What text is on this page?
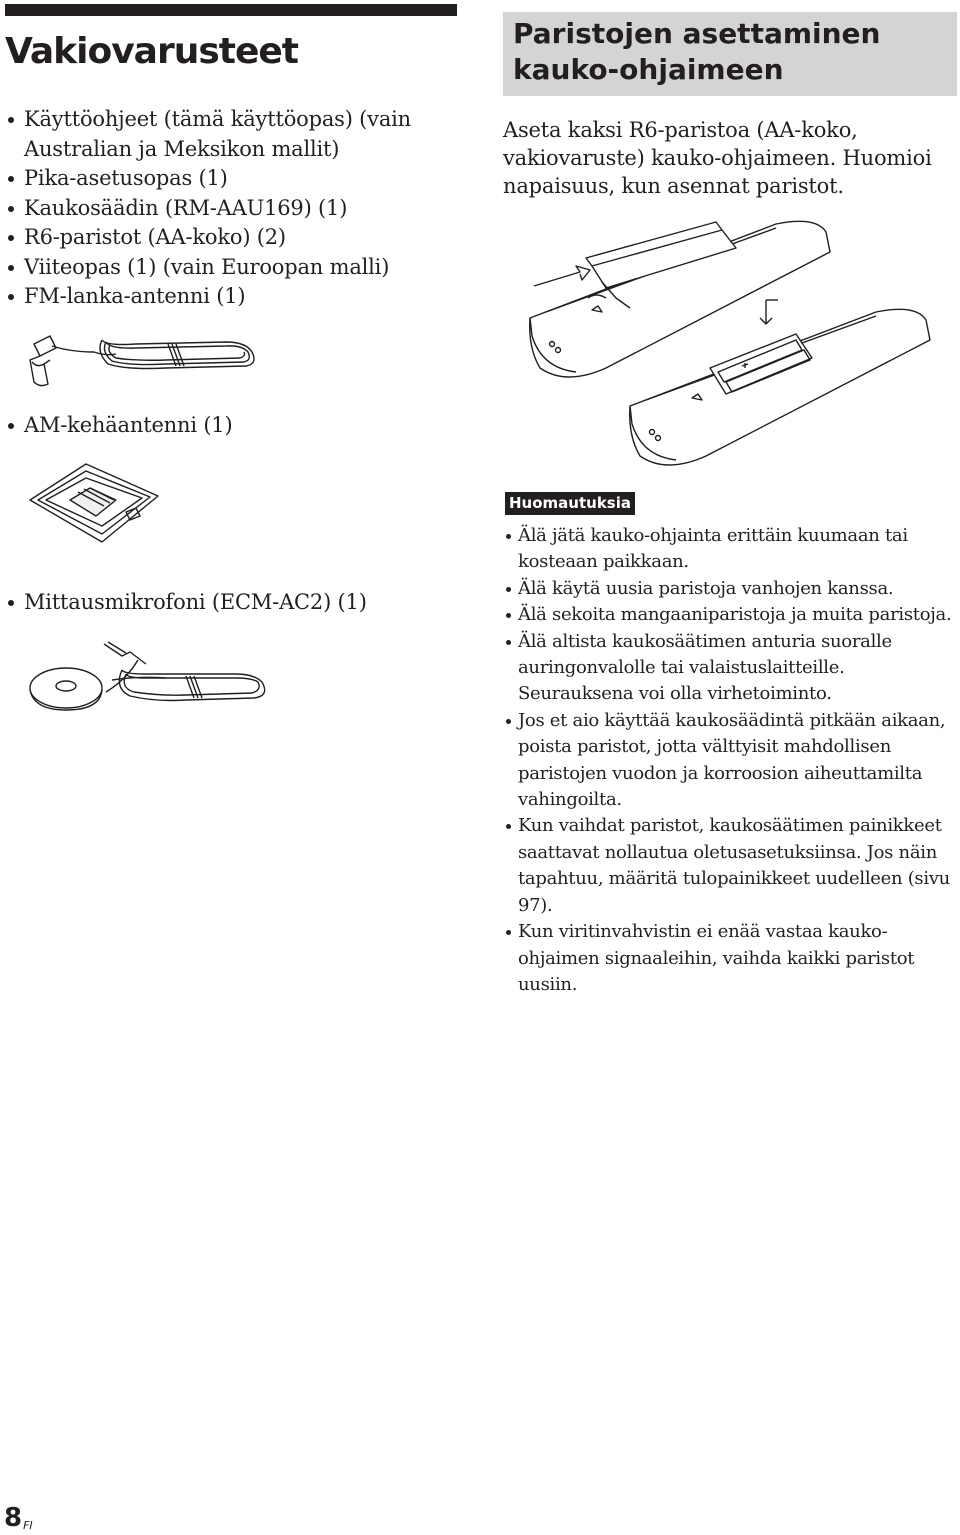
Vakiovarusteet
Käyttöohjeet (tämä käyttöopas) (vain Australian ja Meksikon mallit)
Pika-asetusopas (1)
Kaukosäädin (RM-AAU169) (1)
R6-paristot (AA-koko) (2)
Viiteopas (1) (vain Euroopan malli)
FM-lanka-antenni (1)
AM-kehäantenni (1)
Mittausmikrofoni (ECM-AC2) (1)
Paristojen asettaminen kauko-ohjaimeen

Aseta kaksi R6-paristoa (AA-koko, vakiovaruste) kauko-ohjaimeen. Huomioi napaisuus, kun asennat paristot.

Huomautuksia
Älä jätä kauko-ohjainta erittäin kuumaan tai kosteaan paikkaan.
Älä käytä uusia paristoja vanhojen kanssa.
Älä sekoita mangaaniparistoja ja muita paristoja.
Älä altista kaukosäätimen anturia suoralle auringonvalolle tai valaistuslaitteille. Seurauksena voi olla virhetoiminto.
Jos et aio käyttää kaukosäädintä pitkään aikaan, poista paristot, jotta välttyisit mahdollisen paristojen vuodon ja korroosion aiheuttamilta vahingoilta.
Kun vaihdat paristot, kaukosäätimen painikkeet saattavat nollautua oletusasetuksiinsa. Jos näin tapahtuu, määritä tulopainikkeet uudelleen (sivu 97).
Kun viritinvahvistin ei enää vastaa kauko-ohjaimen signaaleihin, vaihda kaikki paristot uusiin.
$8^{FI}$
